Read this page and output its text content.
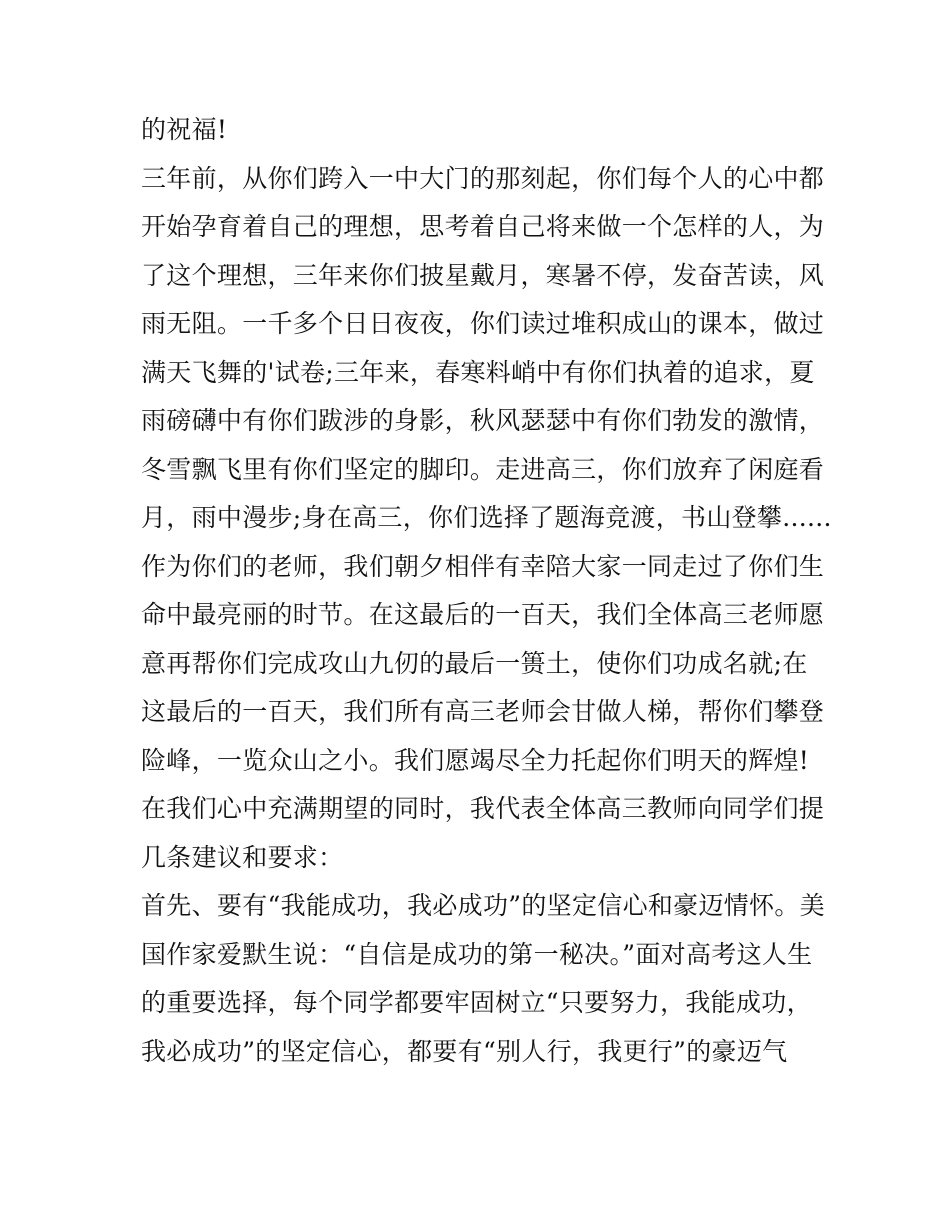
的祝福!
三年前，从你们跨入一中大门的那刻起，你们每个人的心中都
开始孕育着自己的理想，思考着自己将来做一个怎样的人，为
了这个理想，三年来你们披星戴月，寒暑不停，发奋苦读，风
雨无阻。一千多个日日夜夜，你们读过堆积成山的课本，做过
满天飞舞的'试卷;三年来，春寒料峭中有你们执着的追求，夏
雨磅礴中有你们跋涉的身影，秋风瑟瑟中有你们勃发的激情，
冬雪飘飞里有你们坚定的脚印。走进高三，你们放弃了闲庭看
月，雨中漫步;身在高三，你们选择了题海竞渡，书山登攀......
作为你们的老师，我们朝夕相伴有幸陪大家一同走过了你们生
命中最亮丽的时节。在这最后的一百天，我们全体高三老师愿
意再帮你们完成攻山九仞的最后一篑土，使你们功成名就;在
这最后的一百天，我们所有高三老师会甘做人梯，帮你们攀登
险峰，一览众山之小。我们愿竭尽全力托起你们明天的辉煌!
在我们心中充满期望的同时，我代表全体高三教师向同学们提
几条建议和要求：
首先、要有“我能成功，我必成功”的坚定信心和豪迈情怀。美
国作家爱默生说：“自信是成功的第一秘决。”面对高考这人生
的重要选择，每个同学都要牢固树立“只要努力，我能成功，
我必成功”的坚定信心，都要有“别人行，我更行”的豪迈气
